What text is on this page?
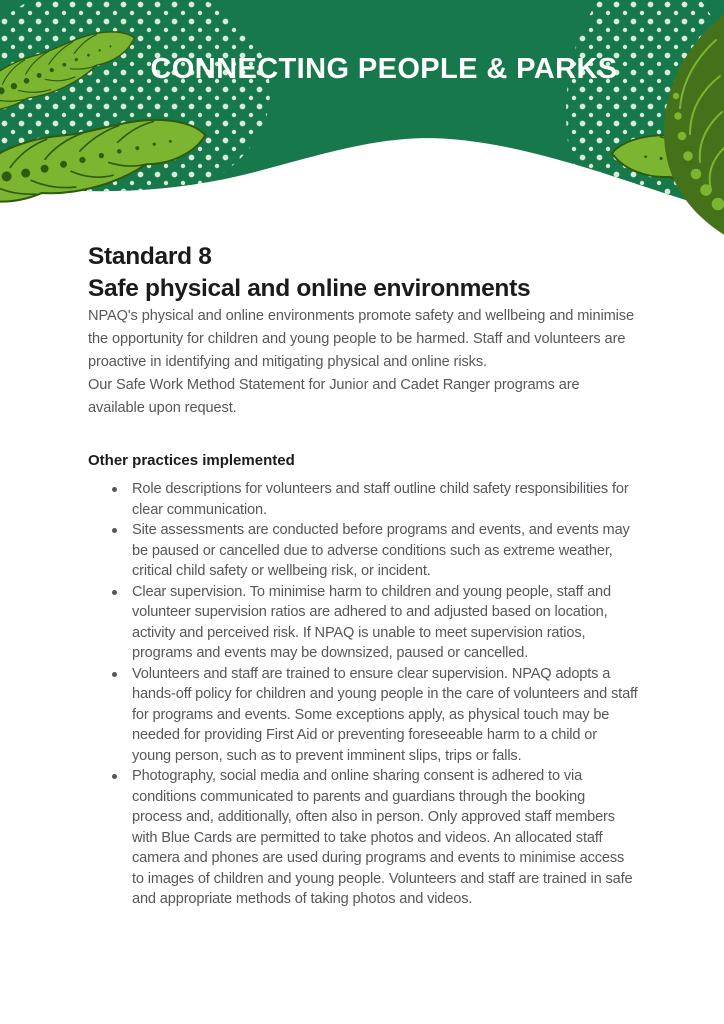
CONNECTING PEOPLE & PARKS
Standard 8
Safe physical and online environments

NPAQ's physical and online environments promote safety and wellbeing and minimise the opportunity for children and young people to be harmed. Staff and volunteers are proactive in identifying and mitigating physical and online risks.

Our Safe Work Method Statement for Junior and Cadet Ranger programs are available upon request.

Other practices implemented
Role descriptions for volunteers and staff outline child safety responsibilities for clear communication.
Site assessments are conducted before programs and events, and events may be paused or cancelled due to adverse conditions such as extreme weather, critical child safety or wellbeing risk, or incident.
Clear supervision. To minimise harm to children and young people, staff and volunteer supervision ratios are adhered to and adjusted based on location, activity and perceived risk. If NPAQ is unable to meet supervision ratios, programs and events may be downsized, paused or cancelled.
Volunteers and staff are trained to ensure clear supervision. NPAQ adopts a hands-off policy for children and young people in the care of volunteers and staff for programs and events. Some exceptions apply, as physical touch may be needed for providing First Aid or preventing foreseeable harm to a child or young person, such as to prevent imminent slips, trips or falls.
Photography, social media and online sharing consent is adhered to via conditions communicated to parents and guardians through the booking process and, additionally, often also in person. Only approved staff members with Blue Cards are permitted to take photos and videos. An allocated staff camera and phones are used during programs and events to minimise access to images of children and young people. Volunteers and staff are trained in safe and appropriate methods of taking photos and videos.
